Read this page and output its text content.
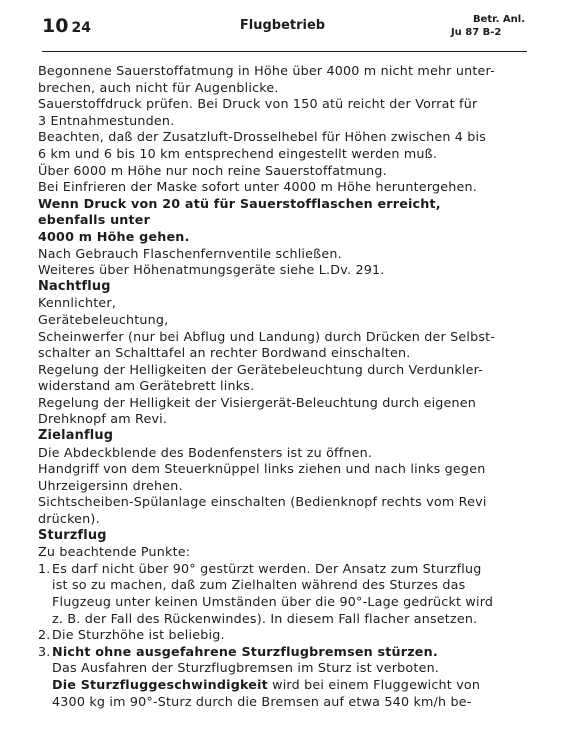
10 24	Flugbetrieb	Betr. Anl.
Ju 87 B-2

Begonnene Sauerstoffatmung in Höhe über 4000 m nicht mehr unter-

brechen, auch nicht für Augenblicke.

Sauerstoffdruck prüfen. Bei Druck von 150 atü reicht der Vorrat für

3 Entnahmestunden.

Beachten, daß der Zusatzluft-Drosselhebel für Höhen zwischen 4 bis

6 km und 6 bis 10 km entsprechend eingestellt werden muß.

Über 6000 m Höhe nur noch reine Sauerstoffatmung.

Bei Einfrieren der Maske sofort unter 4000 m Höhe heruntergehen.

Wenn Druck von 20 atü für Sauerstofflaschen erreicht, ebenfalls unter

4000 m Höhe gehen.

Nach Gebrauch Flaschenfernventile schließen.

Weiteres über Höhenatmungsgeräte siehe L.Dv. 291.

Nachtflug

Kennlichter,

Gerätebeleuchtung,

Scheinwerfer (nur bei Abflug und Landung) durch Drücken der Selbst-

schalter an Schalttafel an rechter Bordwand einschalten.

Regelung der Helligkeiten der Gerätebeleuchtung durch Verdunkler-

widerstand am Gerätebrett links.

Regelung der Helligkeit der Visiergerät-Beleuchtung durch eigenen

Drehknopf am Revi.

Zielanflug

Die Abdeckblende des Bodenfensters ist zu öffnen.

Handgriff von dem Steuerknüppel links ziehen und nach links gegen

Uhrzeigersinn drehen.

Sichtscheiben-Spülanlage einschalten (Bedienknopf rechts vom Revi

drücken).

Sturzflug

Zu beachtende Punkte:

1. Es darf nicht über 90° gestürzt werden. Der Ansatz zum Sturzflug

ist so zu machen, daß zum Zielhalten während des Sturzes das

Flugzeug unter keinen Umständen über die 90°-Lage gedrückt wird

z. B. der Fall des Rückenwindes). In diesem Fall flacher ansetzen.

2. Die Sturzhöhe ist beliebig.

3. Nicht ohne ausgefahrene Sturzflugbremsen stürzen.

Das Ausfahren der Sturzflugbremsen im Sturz ist verboten.

Die Sturzfluggeschwindigkeit wird bei einem Fluggewicht von

4300 kg im 90°-Sturz durch die Bremsen auf etwa 540 km/h be-
